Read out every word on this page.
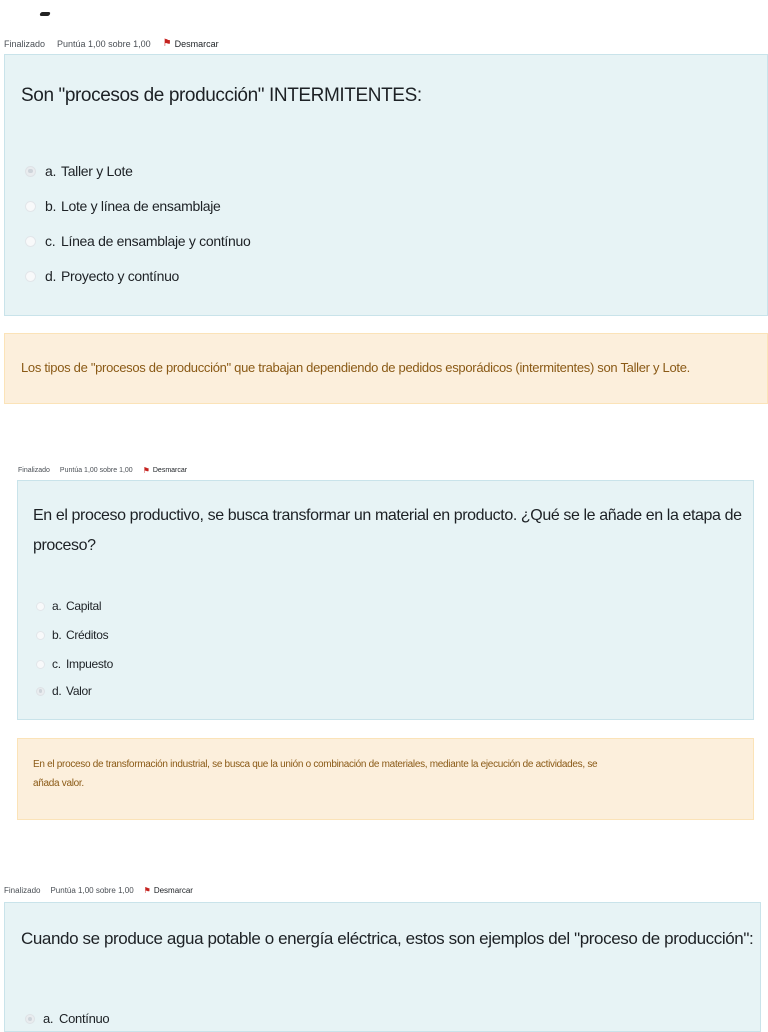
Finalizado Puntúa 1,00 sobre 1,00 ⚑ Desmarcar
Son "procesos de producción" INTERMITENTES:
a. Taller y Lote
b. Lote y línea de ensamblaje
c. Línea de ensamblaje y contínuo
d. Proyecto y contínuo
Los tipos de "procesos de producción" que trabajan dependiendo de pedidos esporádicos (intermitentes) son Taller y Lote.
Finalizado Puntúa 1,00 sobre 1,00 ⚑ Desmarcar
En el proceso productivo, se busca transformar un material en producto. ¿Qué se le añade en la etapa de
proceso?
a. Capital
b. Créditos
c. Impuesto
d. Valor
En el proceso de transformación industrial, se busca que la unión o combinación de materiales, mediante la ejecución de actividades, se
añada valor.
Finalizado Puntúa 1,00 sobre 1,00 ⚑ Desmarcar
Cuando se produce agua potable o energía eléctrica, estos son ejemplos del "proceso de producción":
a. Contínuo
